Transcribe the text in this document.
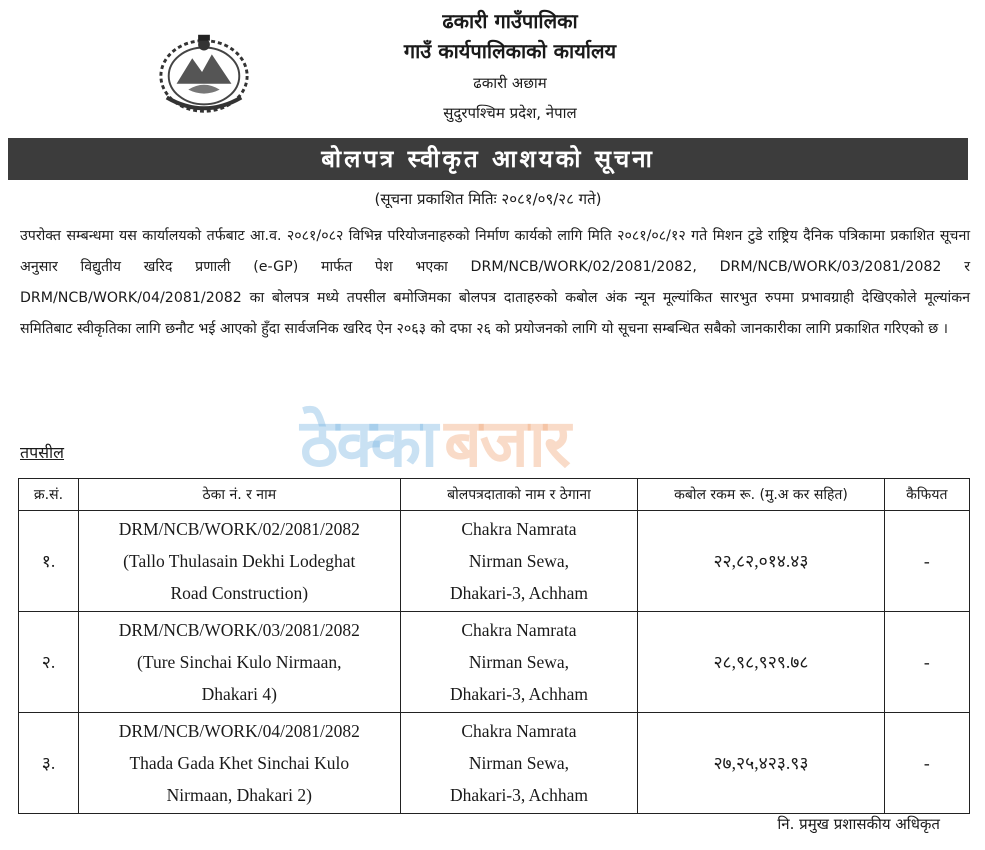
ढकारी गाउँपालिका
गाउँ कार्यपालिकाको कार्यालय
ढकारी अछाम
सुदुरपश्चिम प्रदेश, नेपाल
बोलपत्र स्वीकृत आशयको सूचना
(सूचना प्रकाशित मितिः २०८१/०९/२८ गते)
उपरोक्त सम्बन्धमा यस कार्यालयको तर्फबाट आ.व. २०८१/०८२ विभिन्न परियोजनाहरुको निर्माण कार्यको लागि मिति २०८१/०८/१२ गते मिशन टुडे राष्ट्रिय दैनिक पत्रिकामा प्रकाशित सूचना अनुसार विद्युतीय खरिद प्रणाली (e-GP) मार्फत पेश भएका DRM/NCB/WORK/02/2081/2082, DRM/NCB/WORK/03/2081/2082 र DRM/NCB/WORK/04/2081/2082 का बोलपत्र मध्ये तपसील बमोजिमका बोलपत्र दाताहरुको कबोल अंक न्यून मूल्यांकित सारभुत रुपमा प्रभावग्राही देखिएकोले मूल्यांकन समितिबाट स्वीकृतिका लागि छनौट भई आएको हुँदा सार्वजनिक खरिद ऐन २०६३ को दफा २६ को प्रयोजनको लागि यो सूचना सम्बन्धित सबैको जानकारीका लागि प्रकाशित गरिएको छ ।
ठेक्का बजार
तपसील
क्र.सं.	ठेका नं. र नाम	बोलपत्रदाताको नाम र ठेगाना	कबोल रकम रू. (मु.अ कर सहित)	कैफियत
१.	DRM/NCB/WORK/02/2081/2082
(Tallo Thulasain Dekhi Lodeghat
Road Construction)	Chakra Namrata
Nirman Sewa,
Dhakari-3, Achham	२२,८२,०१४.४३	-
२.	DRM/NCB/WORK/03/2081/2082
(Ture Sinchai Kulo Nirmaan,
Dhakari 4)	Chakra Namrata
Nirman Sewa,
Dhakari-3, Achham	२८,९८,९२९.७८	-
३.	DRM/NCB/WORK/04/2081/2082
Thada Gada Khet Sinchai Kulo
Nirmaan, Dhakari 2)	Chakra Namrata
Nirman Sewa,
Dhakari-3, Achham	२७,२५,४२३.९३	-
नि. प्रमुख प्रशासकीय अधिकृत
